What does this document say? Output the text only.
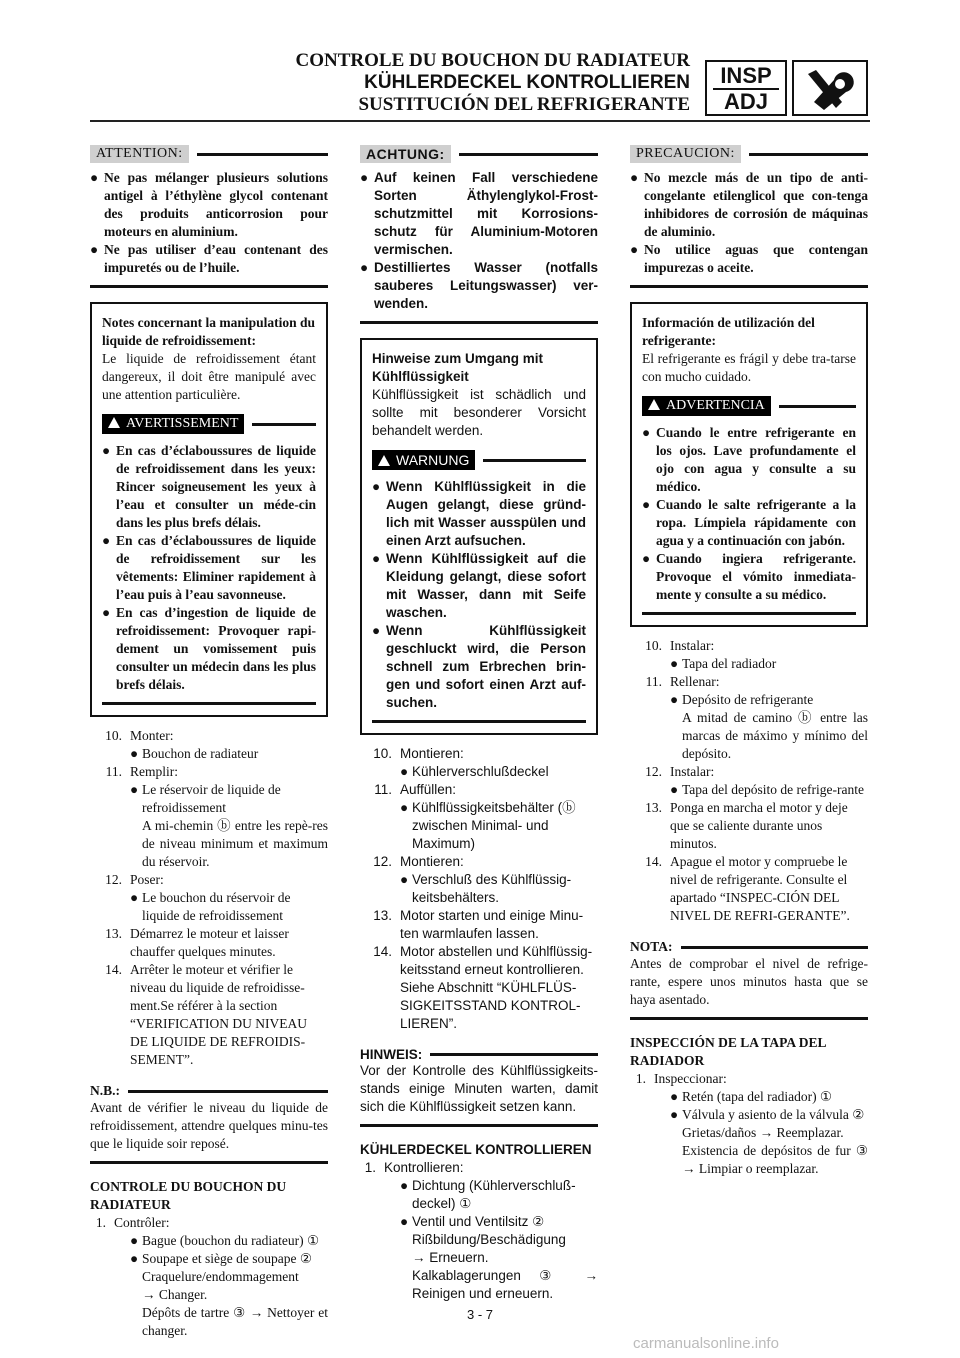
CONTROLE DU BOUCHON DU RADIATEUR
KÜHLERDECKEL KONTROLLIEREN
SUSTITUCIÓN DEL REFRIGERANTE
INSP
ADJ
ATTENTION:
● Ne pas mélanger plusieurs solutions antigel à l’éthylène glycol contenant des produits anticorrosion pour moteurs en aluminium.
● Ne pas utiliser d’eau contenant des impuretés ou de l’huile.
Notes concernant la manipulation du liquide de refroidissement:
Le liquide de refroidissement étant dangereux, il doit être manipulé avec une attention particulière.
AVERTISSEMENT
● En cas d’éclaboussures de liquide de refroidissement dans les yeux: Rincer soigneusement les yeux à l’eau et consulter un méde-cin dans les plus brefs délais.
● En cas d’éclaboussures de liquide de refroidissement sur les vêtements: Eliminer rapidement à l’eau puis à l’eau savonneuse.
● En cas d’ingestion de liquide de refroidissement: Provoquer rapi-dement un vomissement puis consulter un médecin dans les plus brefs délais.
10. Monter:
● Bouchon de radiateur
11. Remplir:
● Le réservoir de liquide de refroidissement
A mi-chemin ⓑ entre les repè-res de niveau minimum et maximum du réservoir.
12. Poser:
● Le bouchon du réservoir de liquide de refroidissement
13. Démarrez le moteur et laisser chauffer quelques minutes.
14. Arrêter le moteur et vérifier le niveau du liquide de refroidisse-ment.Se référer à la section “VERIFICATION DU NIVEAU DE LIQUIDE DE REFROIDIS-SEMENT”.
N.B.:
Avant de vérifier le niveau du liquide de refroidissement, attendre quelques minu-tes que le liquide soir reposé.
CONTROLE DU BOUCHON DU RADIATEUR
1. Contrôler:
● Bague (bouchon du radiateur) ①
● Soupape et siège de soupape ②
Craquelure/endommagement
→ Changer.
Dépôts de tartre ③ → Nettoyer et changer.
ACHTUNG:
● Auf keinen Fall verschiedene Sorten Äthylenglykol-Frost-schutzmittel mit Korrosions-schutz für Aluminium-Motoren vermischen.
● Destilliertes Wasser (notfalls sauberes Leitungswasser) ver-wenden.
Hinweise zum Umgang mit Kühlflüssigkeit
Kühlflüssigkeit ist schädlich und sollte mit besonderer Vorsicht behandelt werden.
WARNUNG
● Wenn Kühlflüssigkeit in die Augen gelangt, diese gründ-lich mit Wasser ausspülen und einen Arzt aufsuchen.
● Wenn Kühlflüssigkeit auf die Kleidung gelangt, diese sofort mit Wasser, dann mit Seife waschen.
● Wenn Kühlflüssigkeit geschluckt wird, die Person schnell zum Erbrechen brin-gen und sofort einen Arzt auf-suchen.
10. Montieren:
● Kühlerverschlußdeckel
11. Auffüllen:
● Kühlflüssigkeitsbehälter (ⓑ zwischen Minimal- und Maximum)
12. Montieren:
● Verschluß des Kühlflüssig-keitsbehälters.
13. Motor starten und einige Minu-ten warmlaufen lassen.
14. Motor abstellen und Kühlflüssig-keitsstand erneut kontrollieren. Siehe Abschnitt “KÜHLFLÜS-SIGKEITSSTAND KONTROL-LIEREN”.
HINWEIS:
Vor der Kontrolle des Kühlflüssigkeits-stands einige Minuten warten, damit sich die Kühlflüssigkeit setzen kann.
KÜHLERDECKEL KONTROLLIEREN
1. Kontrollieren:
● Dichtung (Kühlerverschluß-deckel) ①
● Ventil und Ventilsitz ②
Rißbildung/Beschädigung
→ Erneuern.
Kalkablagerungen ③ → Reinigen und erneuern.
PRECAUCION:
● No mezcle más de un tipo de anti-congelante etilenglicol que con-tenga inhibidores de corrosión de máquinas de aluminio.
● No utilice aguas que contengan impurezas o aceite.
Información de utilización del refrigerante:
El refrigerante es frágil y debe tra-tarse con mucho cuidado.
ADVERTENCIA
● Cuando le entre refrigerante en los ojos. Lave profundamente el ojo con agua y consulte a su médico.
● Cuando le salte refrigerante a la ropa. Límpiela rápidamente con agua y a continuación con jabón.
● Cuando ingiera refrigerante. Provoque el vómito inmediata-mente y consulte a su médico.
10. Instalar:
● Tapa del radiador
11. Rellenar:
● Depósito de refrigerante
A mitad de camino ⓑ entre las marcas de máximo y mínimo del depósito.
12. Instalar:
● Tapa del depósito de refrige-rante
13. Ponga en marcha el motor y deje que se caliente durante unos minutos.
14. Apague el motor y compruebe le nivel de refrigerante. Consulte el apartado “INSPEC-CIÓN DEL NIVEL DE REFRI-GERANTE”.
NOTA:
Antes de comprobar el nivel de refrige-rante, espere unos minutos hasta que se haya asentado.
INSPECCIÓN DE LA TAPA DEL RADIADOR
1. Inspeccionar:
● Retén (tapa del radiador) ①
● Válvula y asiento de la válvula ②
Grietas/daños → Reemplazar.
Existencia de depósitos de fur ③ → Limpiar o reemplazar.
3 - 7
carmanualsonline.info
